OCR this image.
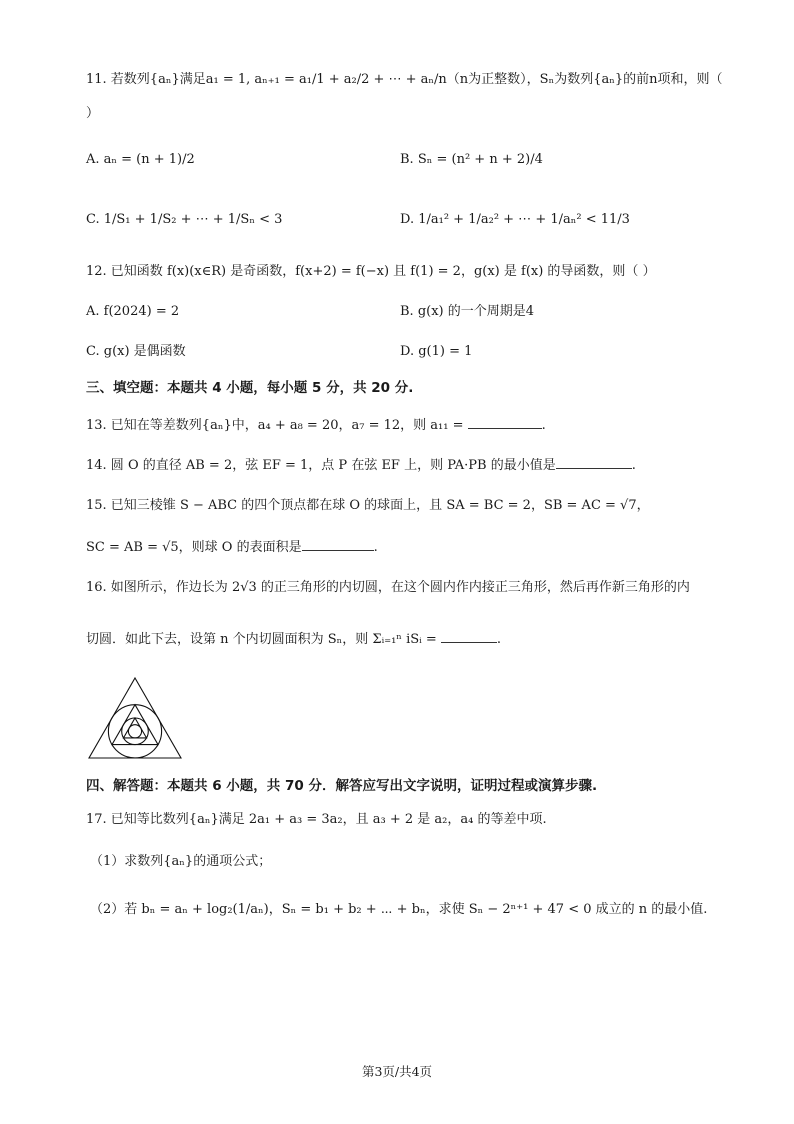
11. 若数列{aₙ}满足a₁ = 1, aₙ₊₁ = a₁/1 + a₂/2 + ⋯ + aₙ/n（n为正整数），Sₙ为数列{aₙ}的前n项和，则（
）
A. aₙ = (n + 1)/2	B. Sₙ = (n² + n + 2)/4
C. 1/S₁ + 1/S₂ + ⋯ + 1/Sₙ < 3	D. 1/a₁² + 1/a₂² + ⋯ + 1/aₙ² < 11/3
12. 已知函数 f(x)(x∈R) 是奇函数，f(x+2) = f(−x) 且 f(1) = 2，g(x) 是 f(x) 的导函数，则（ ）
A. f(2024) = 2	B. g(x) 的一个周期是4
C. g(x) 是偶函数	D. g(1) = 1
三、填空题：本题共 4 小题，每小题 5 分，共 20 分.
13. 已知在等差数列{aₙ}中，a₄ + a₈ = 20，a₇ = 12，则 a₁₁ =	.
14. 圆 O 的直径 AB = 2，弦 EF = 1，点 P 在弦 EF 上，则 PA·PB 的最小值是	.
15. 已知三棱锥 S − ABC 的四个顶点都在球 O 的球面上，且 SA = BC = 2，SB = AC = √7，
SC = AB = √5，则球 O 的表面积是	.
16. 如图所示，作边长为 2√3 的正三角形的内切圆，在这个圆内作内接正三角形，然后再作新三角形的内
切圆．如此下去，设第 n 个内切圆面积为 Sₙ，则 Σᵢ₌₁ⁿ iSᵢ =	.
四、解答题：本题共 6 小题，共 70 分．解答应写出文字说明，证明过程或演算步骤.
17. 已知等比数列{aₙ}满足 2a₁ + a₃ = 3a₂，且 a₃ + 2 是 a₂，a₄ 的等差中项.
（1）求数列{aₙ}的通项公式；
（2）若 bₙ = aₙ + log₂(1/aₙ)，Sₙ = b₁ + b₂ + ⋯ + bₙ，求使 Sₙ − 2ⁿ⁺¹ + 47 < 0 成立的 n 的最小值.
第3页/共4页
